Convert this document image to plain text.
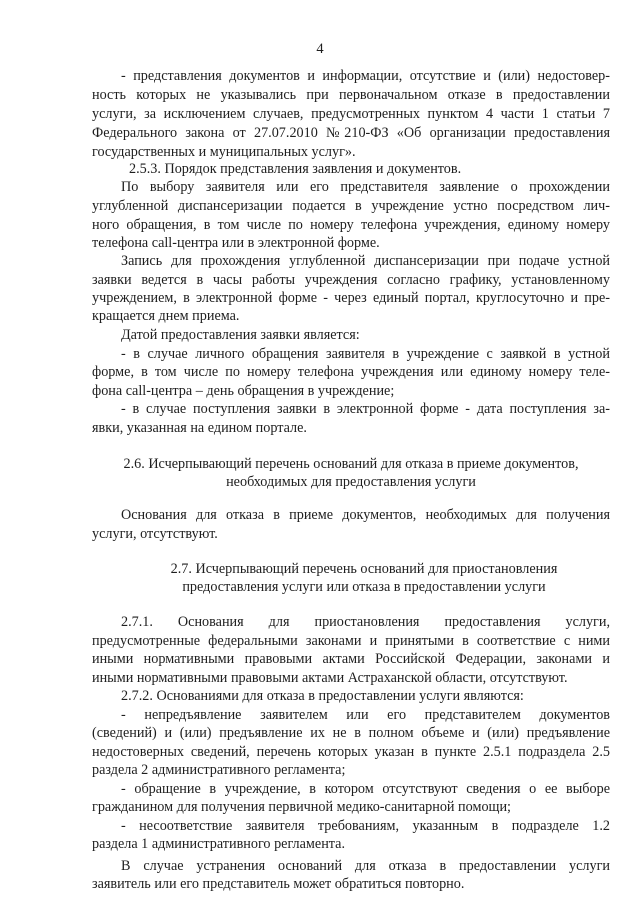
4
- представления документов и информации, отсутствие и (или) недостовер-
ность которых не указывались при первоначальном отказе в предоставлении
услуги, за исключением случаев, предусмотренных пунктом 4 части 1 статьи 7
Федерального закона от 27.07.2010 №210-ФЗ «Об организации предоставления
государственных и муниципальных услуг».
2.5.3. Порядок представления заявления и документов.
По выбору заявителя или его представителя заявление о прохождении
углубленной диспансеризации подается в учреждение устно посредством лич-
ного обращения, в том числе по номеру телефона учреждения, единому номеру
телефона call-центра или в электронной форме.
Запись для прохождения углубленной диспансеризации при подаче устной
заявки ведется в часы работы учреждения согласно графику, установленному
учреждением, в электронной форме - через единый портал, круглосуточно и пре-
кращается днем приема.
Датой предоставления заявки является:
- в случае личного обращения заявителя в учреждение с заявкой в устной
форме, в том числе по номеру телефона учреждения или единому номеру теле-
фона call-центра – день обращения в учреждение;
- в случае поступления заявки в электронной форме - дата поступления за-
явки, указанная на едином портале.
2.6. Исчерпывающий перечень оснований для отказа в приеме документов,
необходимых для предоставления услуги
Основания для отказа в приеме документов, необходимых для получения
услуги, отсутствуют.
2.7. Исчерпывающий перечень оснований для приостановления
предоставления услуги или отказа в предоставлении услуги
2.7.1. Основания для приостановления предоставления услуги,
предусмотренные федеральными законами и принятыми в соответствие с ними
иными нормативными правовыми актами Российской Федерации, законами и
иными нормативными правовыми актами Астраханской области, отсутствуют.
2.7.2. Основаниями для отказа в предоставлении услуги являются:
- непредъявление заявителем или его представителем документов
(сведений) и (или) предъявление их не в полном объеме и (или) предъявление
недостоверных сведений, перечень которых указан в пункте 2.5.1 подраздела 2.5
раздела 2 административного регламента;
- обращение в учреждение, в котором отсутствуют сведения о ее выборе
гражданином для получения первичной медико-санитарной помощи;
- несоответствие заявителя требованиям, указанным в подразделе 1.2
раздела 1 административного регламента.
В случае устранения оснований для отказа в предоставлении услуги
заявитель или его представитель может обратиться повторно.
